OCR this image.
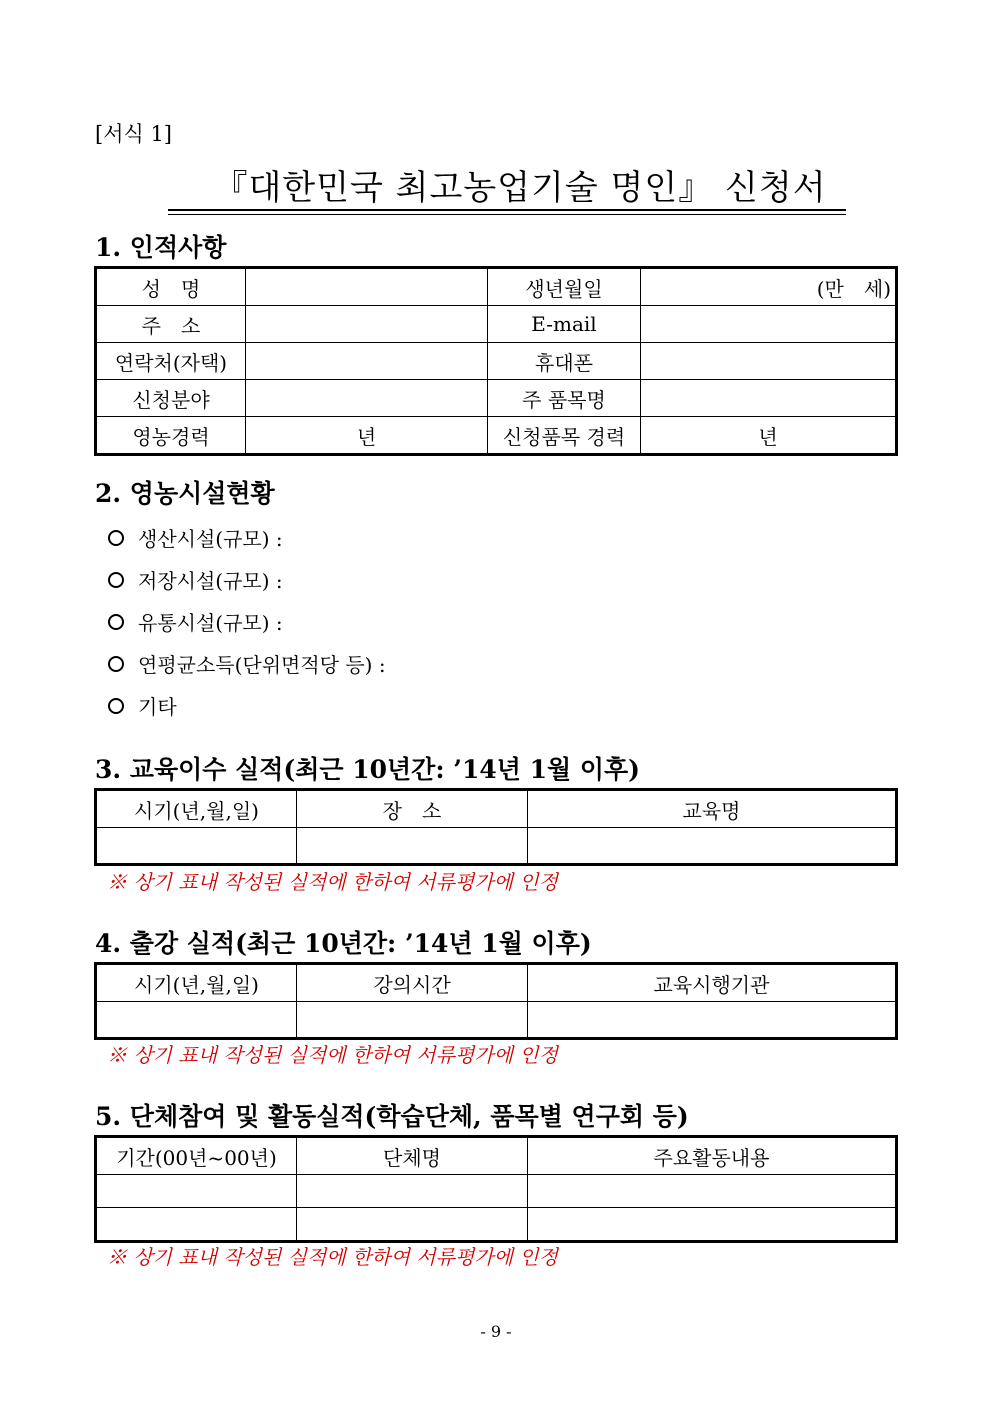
[서식 1]
『대한민국 최고농업기술 명인』 신청서
1. 인적사항
성　명		생년월일	(만　세)
주　소		E-mail	
연락처(자택)		휴대폰	
신청분야		주 품목명	
영농경력	년	신청품목 경력	년
2. 영농시설현황
생산시설(규모) :
저장시설(규모) :
유통시설(규모) :
연평균소득(단위면적당 등) :
기타
3. 교육이수 실적(최근 10년간: ’14년 1월 이후)
시기(년,월,일)	장　소	교육명

※ 상기 표내 작성된 실적에 한하여 서류평가에 인정
4. 출강 실적(최근 10년간: ’14년 1월 이후)
시기(년,월,일)	강의시간	교육시행기관

※ 상기 표내 작성된 실적에 한하여 서류평가에 인정
5. 단체참여 및 활동실적(학습단체, 품목별 연구회 등)
기간(00년~00년)	단체명	주요활동내용

※ 상기 표내 작성된 실적에 한하여 서류평가에 인정
- 9 -
